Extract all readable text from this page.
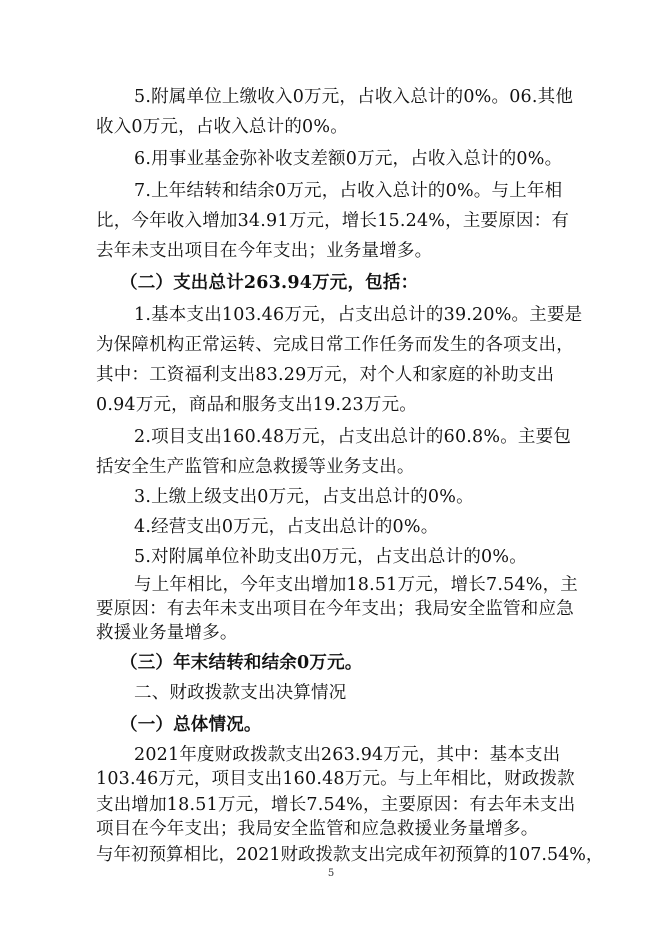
5.附属单位上缴收入0万元，占收入总计的0%。06.其他
收入0万元，占收入总计的0%。
6.用事业基金弥补收支差额0万元，占收入总计的0%。
7.上年结转和结余0万元，占收入总计的0%。与上年相
比，今年收入增加34.91万元，增长15.24%，主要原因：有
去年未支出项目在今年支出；业务量增多。
（二）支出总计263.94万元，包括：
1.基本支出103.46万元，占支出总计的39.20%。主要是
为保障机构正常运转、完成日常工作任务而发生的各项支出，
其中：工资福利支出83.29万元，对个人和家庭的补助支出
0.94万元，商品和服务支出19.23万元。
2.项目支出160.48万元，占支出总计的60.8%。主要包
括安全生产监管和应急救援等业务支出。
3.上缴上级支出0万元，占支出总计的0%。
4.经营支出0万元，占支出总计的0%。
5.对附属单位补助支出0万元，占支出总计的0%。
与上年相比，今年支出增加18.51万元，增长7.54%，主
要原因：有去年未支出项目在今年支出；我局安全监管和应急
救援业务量增多。
（三）年末结转和结余0万元。
二、财政拨款支出决算情况
（一）总体情况。
2021年度财政拨款支出263.94万元，其中：基本支出
103.46万元，项目支出160.48万元。与上年相比，财政拨款
支出增加18.51万元，增长7.54%，主要原因：有去年未支出
项目在今年支出；我局安全监管和应急救援业务量增多。
与年初预算相比，2021财政拨款支出完成年初预算的107.54%，
5
